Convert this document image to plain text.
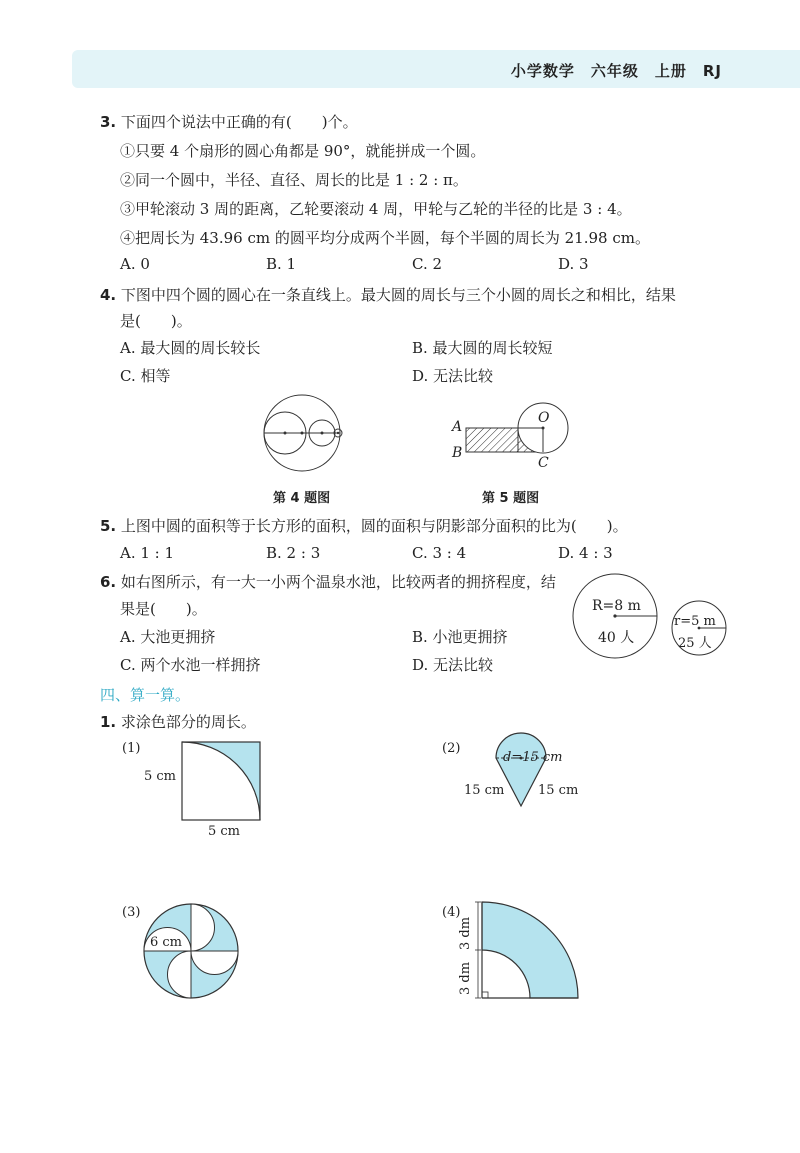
小学数学　六年级　上册　RJ
3. 下面四个说法中正确的有(　　)个。
①只要 4 个扇形的圆心角都是 90°，就能拼成一个圆。
②同一个圆中，半径、直径、周长的比是 1 : 2 : π。
③甲轮滚动 3 周的距离，乙轮要滚动 4 周，甲轮与乙轮的半径的比是 3 : 4。
④把周长为 43.96 cm 的圆平均分成两个半圆，每个半圆的周长为 21.98 cm。
A. 0	B. 1	C. 2	D. 3
4. 下图中四个圆的圆心在一条直线上。最大圆的周长与三个小圆的周长之和相比，结果
是(　　)。
A. 最大圆的周长较长	B. 最大圆的周长较短
C. 相等	D. 无法比较
第 4 题图
A
B
O
C
第 5 题图
5. 上图中圆的面积等于长方形的面积，圆的面积与阴影部分面积的比为(　　)。
A. 1 : 1	B. 2 : 3	C. 3 : 4	D. 4 : 3
6. 如右图所示，有一大一小两个温泉水池，比较两者的拥挤程度，结
果是(　　)。
A. 大池更拥挤	B. 小池更拥挤
C. 两个水池一样拥挤	D. 无法比较
R=8 m
40 人
r=5 m
25 人
四、算一算。
1. 求涂色部分的周长。
(1)
5 cm
5 cm
(2)
d=15 cm
15 cm	15 cm
(3)
6 cm
(4)
3 dm
3 dm
